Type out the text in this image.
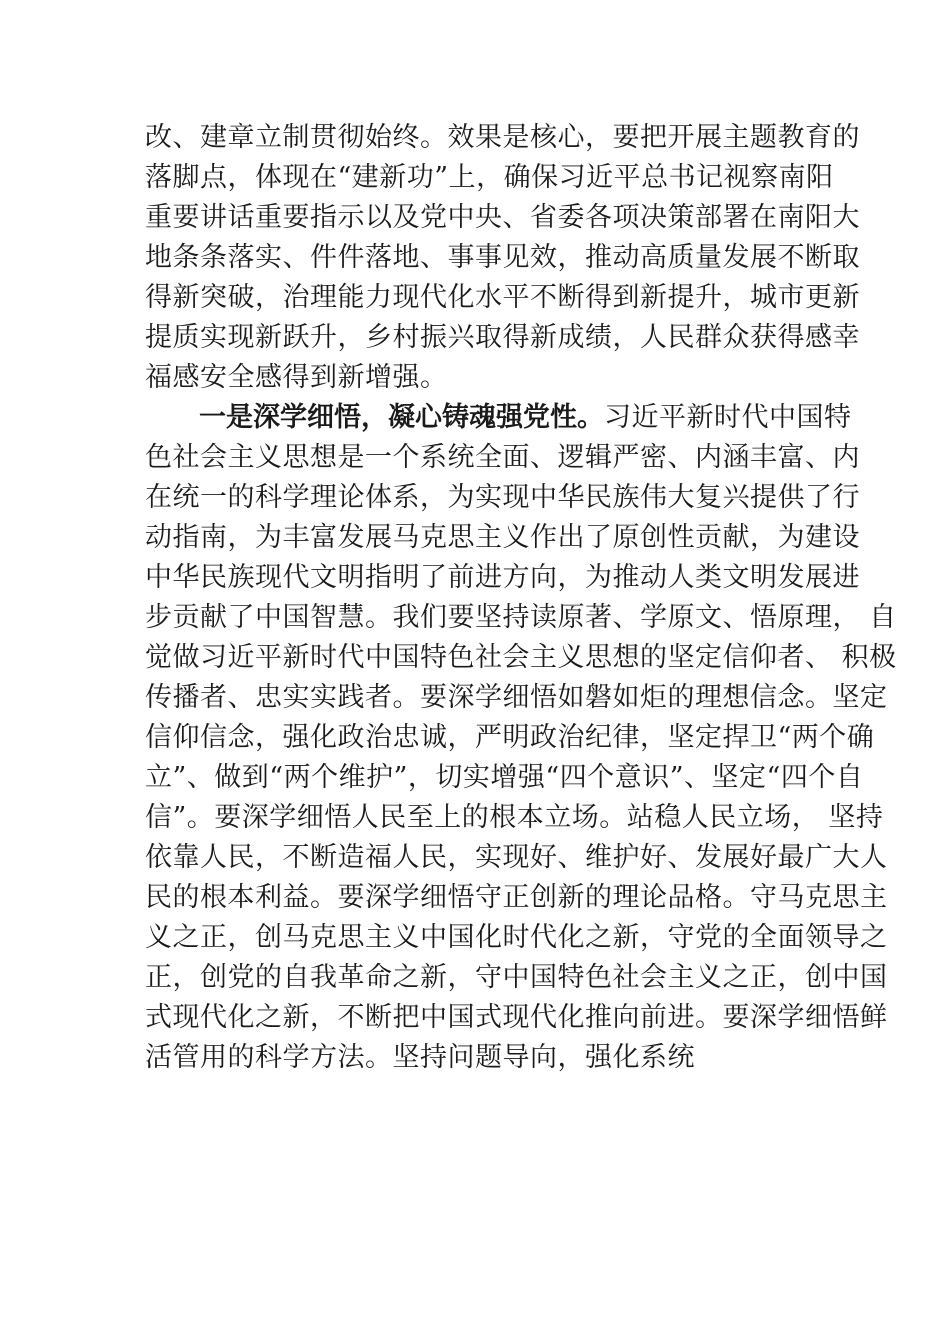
改、建章立制贯彻始终。效果是核心，要把开展主题教育的
落脚点，体现在“建新功”上，确保习近平总书记视察南阳
重要讲话重要指示以及党中央、省委各项决策部署在南阳大
地条条落实、件件落地、事事见效，推动高质量发展不断取
得新突破，治理能力现代化水平不断得到新提升，城市更新
提质实现新跃升，乡村振兴取得新成绩，人民群众获得感幸
福感安全感得到新增强。
一是深学细悟，凝心铸魂强党性。习近平新时代中国特
色社会主义思想是一个系统全面、逻辑严密、内涵丰富、内
在统一的科学理论体系，为实现中华民族伟大复兴提供了行
动指南，为丰富发展马克思主义作出了原创性贡献，为建设
中华民族现代文明指明了前进方向，为推动人类文明发展进
步贡献了中国智慧。我们要坚持读原著、学原文、悟原理， 自
觉做习近平新时代中国特色社会主义思想的坚定信仰者、 积极
传播者、忠实实践者。要深学细悟如磐如炬的理想信念。坚定
信仰信念，强化政治忠诚，严明政治纪律，坚定捍卫“两个确
立”、做到“两个维护”，切实增强“四个意识”、坚定“四个自
信”。要深学细悟人民至上的根本立场。站稳人民立场， 坚持
依靠人民，不断造福人民，实现好、维护好、发展好最广大人
民的根本利益。要深学细悟守正创新的理论品格。守马克思主
义之正，创马克思主义中国化时代化之新，守党的全面领导之
正，创党的自我革命之新，守中国特色社会主义之正，创中国
式现代化之新，不断把中国式现代化推向前进。要深学细悟鲜
活管用的科学方法。坚持问题导向，强化系统
